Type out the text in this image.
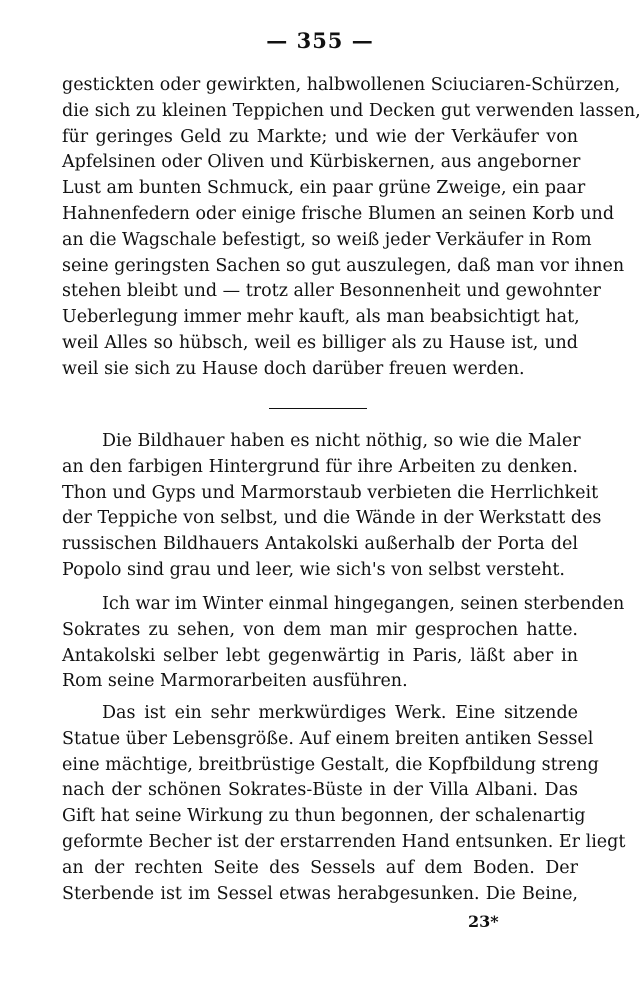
— 355 —
gestickten oder gewirkten, halbwollenen Sciuciaren-Schürzen,
die sich zu kleinen Teppichen und Decken gut verwenden lassen,
für geringes Geld zu Markte; und wie der Verkäufer von
Apfelsinen oder Oliven und Kürbiskernen, aus angeborner
Lust am bunten Schmuck, ein paar grüne Zweige, ein paar
Hahnenfedern oder einige frische Blumen an seinen Korb und
an die Wagschale befestigt, so weiß jeder Verkäufer in Rom
seine geringsten Sachen so gut auszulegen, daß man vor ihnen
stehen bleibt und — trotz aller Besonnenheit und gewohnter
Ueberlegung immer mehr kauft, als man beabsichtigt hat,
weil Alles so hübsch, weil es billiger als zu Hause ist, und
weil sie sich zu Hause doch darüber freuen werden.
Die Bildhauer haben es nicht nöthig, so wie die Maler
an den farbigen Hintergrund für ihre Arbeiten zu denken.
Thon und Gyps und Marmorstaub verbieten die Herrlichkeit
der Teppiche von selbst, und die Wände in der Werkstatt des
russischen Bildhauers Antakolski außerhalb der Porta del
Popolo sind grau und leer, wie sich's von selbst versteht.
Ich war im Winter einmal hingegangen, seinen sterbenden
Sokrates zu sehen, von dem man mir gesprochen hatte.
Antakolski selber lebt gegenwärtig in Paris, läßt aber in
Rom seine Marmorarbeiten ausführen.
Das ist ein sehr merkwürdiges Werk. Eine sitzende
Statue über Lebensgröße. Auf einem breiten antiken Sessel
eine mächtige, breitbrüstige Gestalt, die Kopfbildung streng
nach der schönen Sokrates-Büste in der Villa Albani. Das
Gift hat seine Wirkung zu thun begonnen, der schalenartig
geformte Becher ist der erstarrenden Hand entsunken. Er liegt
an der rechten Seite des Sessels auf dem Boden. Der
Sterbende ist im Sessel etwas herabgesunken. Die Beine,
23*
